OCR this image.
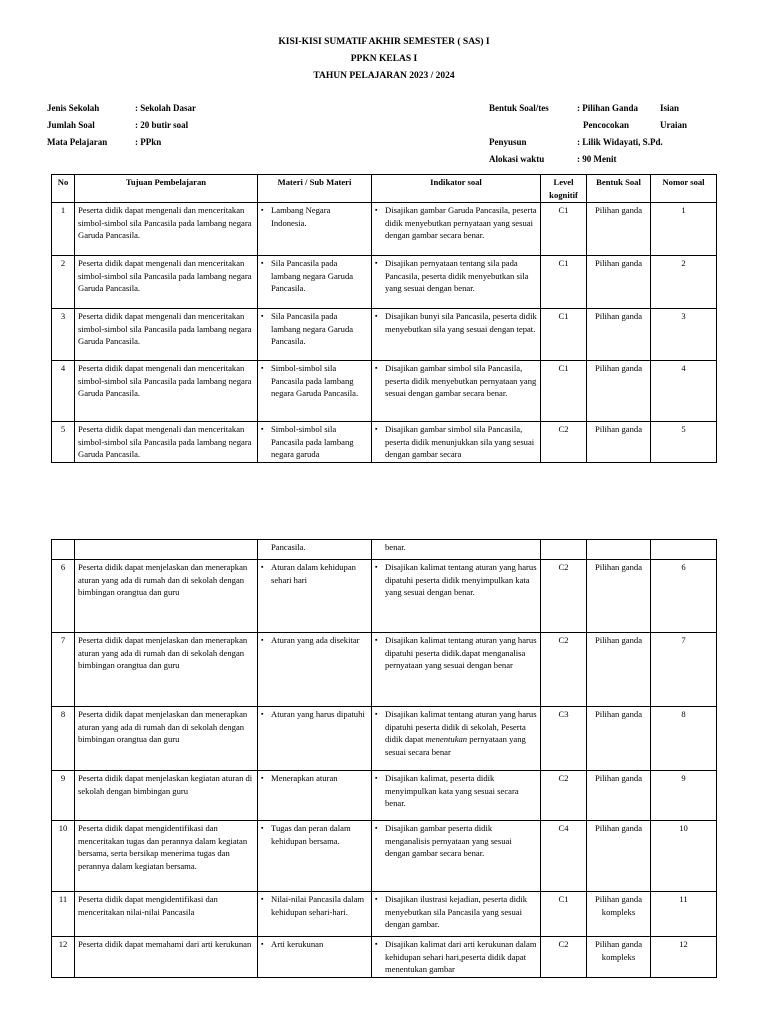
KISI-KISI SUMATIF AKHIR SEMESTER ( SAS) I
PPKN KELAS I
TAHUN PELAJARAN 2023 / 2024
Jenis Sekolah	: Sekolah Dasar
Jumlah Soal	: 20 butir soal
Mata Pelajaran	: PPkn
Bentuk Soal/tes	: Pilihan Ganda Isian
Pencocokan	Uraian
Penyusun	: Lilik Widayati, S.Pd.
Alokasi waktu	: 90 Menit
No	Tujuan Pembelajaran	Materi / Sub Materi	Indikator soal	Level kognitif	Bentuk Soal	Nomor soal
1	Peserta didik dapat mengenali dan menceritakan simbol-simbol sila Pancasila pada lambang negara Garuda Pancasila.	▪ Lambang Negara Indonesia.	▪ Disajikan gambar Garuda Pancasila, peserta didik menyebutkan pernyataan yang sesuai dengan gambar secara benar.	C1	Pilihan ganda	1
2	Peserta didik dapat mengenali dan menceritakan simbol-simbol sila Pancasila pada lambang negara Garuda Pancasila.	▪ Sila Pancasila pada lambang negara Garuda Pancasila.	▪ Disajikan pernyataan tentang sila pada Pancasila, peserta didik menyebutkan sila yang sesuai dengan benar.	C1	Pilihan ganda	2
3	Peserta didik dapat mengenali dan menceritakan simbol-simbol sila Pancasila pada lambang negara Garuda Pancasila.	▪ Sila Pancasila pada lambang negara Garuda Pancasila.	▪ Disajikan bunyi sila Pancasila, peserta didik menyebutkan sila yang sesuai dengan tepat.	C1	Pilihan ganda	3
4	Peserta didik dapat mengenali dan menceritakan simbol-simbol sila Pancasila pada lambang negara Garuda Pancasila.	▪ Simbol-simbol sila Pancasila pada lambang negara Garuda Pancasila.	▪ Disajikan gambar simbol sila Pancasila, peserta didik menyebutkan pernyataan yang sesuai dengan gambar secara benar.	C1	Pilihan ganda	4
5	Peserta didik dapat mengenali dan menceritakan simbol-simbol sila Pancasila pada lambang negara Garuda Pancasila.	▪ Simbol-simbol sila Pancasila pada lambang negara garuda	▪ Disajikan gambar simbol sila Pancasila, peserta didik menunjukkan sila yang sesuai dengan gambar secara	C2	Pilihan ganda	5
		Pancasila.	benar.			
6	Peserta didik dapat menjelaskan dan menerapkan aturan yang ada di rumah dan di sekolah dengan bimbingan orangtua dan guru	▪ Aturan dalam kehidupan sehari hari	▪ Disajikan kalimat tentang aturan yang harus dipatuhi peserta didik menyimpulkan kata yang sesuai dengan benar.	C2	Pilihan ganda	6
7	Peserta didik dapat menjelaskan dan menerapkan aturan yang ada di rumah dan di sekolah dengan bimbingan orangtua dan guru	▪ Aturan yang ada disekitar	▪ Disajikan kalimat tentang aturan yang harus dipatuhi peserta didik.dapat menganalisa pernyataan yang sesuai dengan benar	C2	Pilihan ganda	7
8	Peserta didik dapat menjelaskan dan menerapkan aturan yang ada di rumah dan di sekolah dengan bimbingan orangtua dan guru	▪ Aturan yang harus dipatuhi	▪ Disajikan kalimat tentang aturan yang harus dipatuhi peserta didik di sekolah, Peserta didik dapat menentukan pernyataan yang sesuai secara benar	C3	Pilihan ganda	8
9	Peserta didik dapat menjelaskan kegiatan aturan di sekolah dengan bimbingan guru	▪ Menerapkan aturan	▪ Disajikan kalimat, peserta didik menyimpulkan kata yang sesuai secara benar.	C2	Pilihan ganda	9
10	Peserta didik dapat mengidentifikasi dan menceritakan tugas dan perannya dalam kegiatan bersama, serta bersikap menerima tugas dan perannya dalam kegiatan bersama.	▪ Tugas dan peran dalam kehidupan bersama.	▪ Disajikan gambar peserta didik menganalisis pernyataan yang sesuai dengan gambar secara benar.	C4	Pilihan ganda	10
11	Peserta didik dapat mengidentifikasi dan menceritakan nilai-nilai Pancasila	▪ Nilai-nilai Pancasila dalam kehidupan sehari-hari.	▪ Disajikan ilustrasi kejadian, peserta didik menyebutkan sila Pancasila yang sesuai dengan gambar.	C1	Pilihan ganda kompleks	11
12	Peserta didik dapat memahami dari arti kerukunan	▪ Arti kerukunan	▪ Disajikan kalimat dari arti kerukunan dalam kehidupan sehari hari,peserta didik dapat menentukan gambar	C2	Pilihan ganda kompleks	12
